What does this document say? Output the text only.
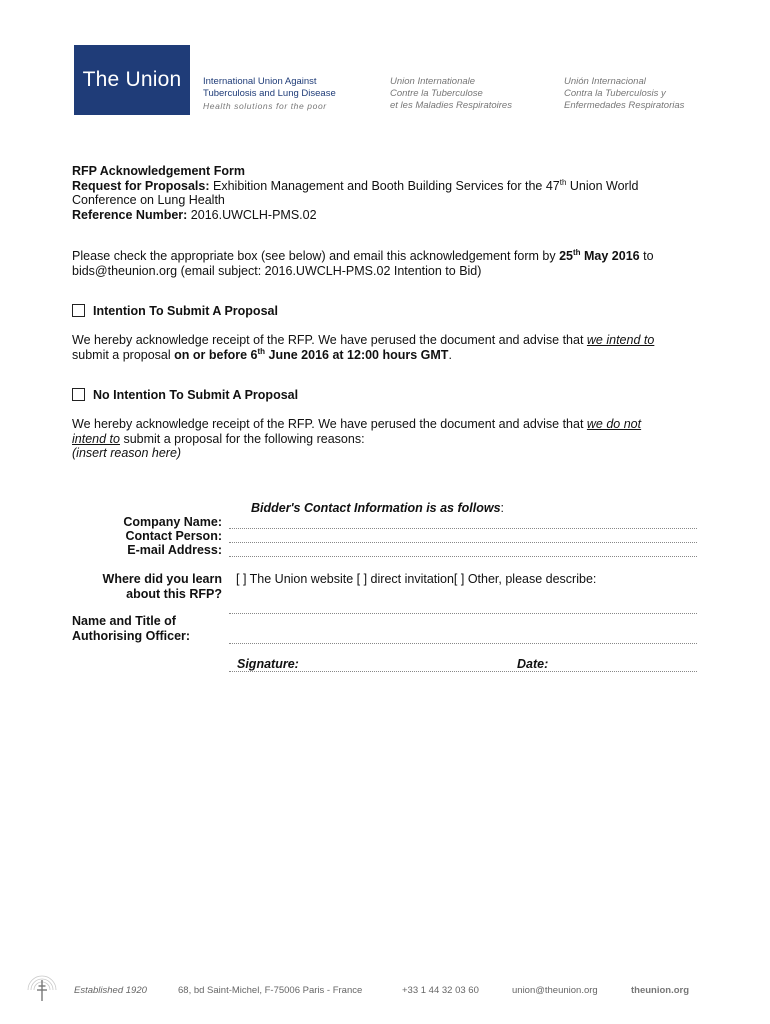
The Union International Union Against
Tuberculosis and Lung Disease
Health solutions for the poor
Union Internationale
Contre la Tuberculose
et les Maladies Respiratoires
Unión Internacional
Contra la Tuberculosis y
Enfermedades Respiratorias
RFP Acknowledgement Form
Request for Proposals: Exhibition Management and Booth Building Services for the 47th Union World
Conference on Lung Health
Reference Number: 2016.UWCLH-PMS.02
Please check the appropriate box (see below) and email this acknowledgement form by 25th May 2016 to
bids@theunion.org (email subject: 2016.UWCLH-PMS.02 Intention to Bid)
Intention To Submit A Proposal
We hereby acknowledge receipt of the RFP. We have perused the document and advise that we intend to
submit a proposal on or before 6th June 2016 at 12:00 hours GMT.
No Intention To Submit A Proposal
We hereby acknowledge receipt of the RFP. We have perused the document and advise that we do not
intend to submit a proposal for the following reasons:
(insert reason here)
Bidder's Contact Information is as follows:
Company Name:
Contact Person:
E-mail Address:
Where did you learn
about this RFP?
[ ] The Union website [ ] direct invitation[ ] Other, please describe:
Name and Title of
Authorising Officer:
Signature:	Date:
Established 1920	68, bd Saint-Michel, F-75006 Paris - France	+33 1 44 32 03 60	union@theunion.org	theunion.org
